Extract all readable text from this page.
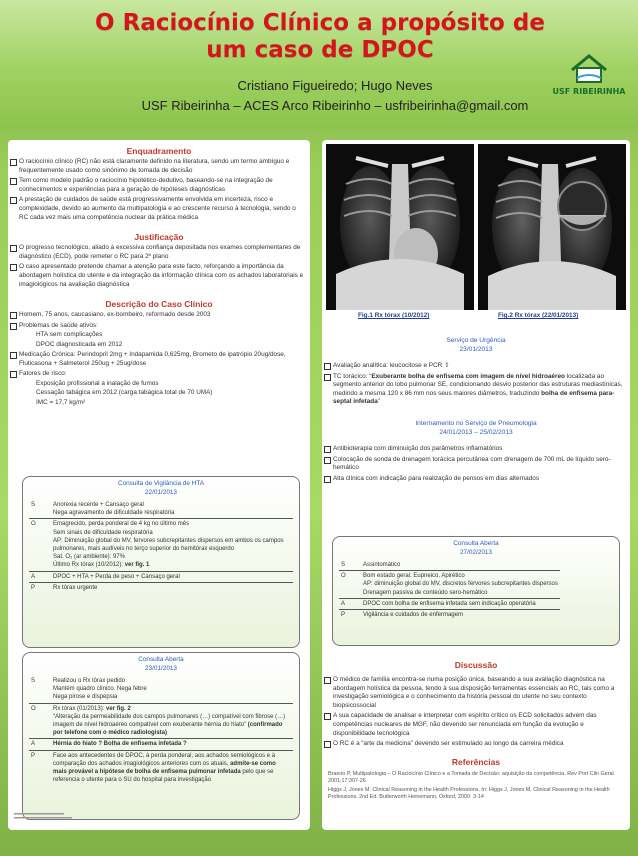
O Raciocínio Clínico a propósito de
um caso de DPOC
Cristiano Figueiredo; Hugo Neves
USF Ribeirinha – ACES Arco Ribeirinho – usfribeirinha@gmail.com
USF RIBEIRINHA
Enquadramento
O raciocínio clínico (RC) não está claramente definido na literatura, sendo um termo ambíguo e frequentemente usado como sinónimo de tomada de decisão
Tem como modelo padrão o raciocínio hipotético-dedutivo, baseando-se na integração de conhecimentos e experiências para a geração de hipóteses diagnósticas
A prestação de cuidados de saúde está progressivamente envolvida em incerteza, risco e complexidade, devido ao aumento da multipatologia e ao crescente recurso à tecnologia, sendo o RC cada vez mais uma competência nuclear da prática médica
Justificação
O progresso tecnológico, aliado à excessiva confiança depositada nos exames complementares de diagnóstico (ECD), pode remeter o RC para 2º plano
O caso apresentado pretende chamar a atenção para este facto, reforçando a importância da abordagem holística do utente e da integração da informação clínica com os achados laboratoriais e imagiológicos na avaliação diagnóstica
Descrição do Caso Clínico
Homem, 75 anos, caucasiano, ex-bombeiro, reformado desde 2003
Problemas de saúde ativos:
HTA sem complicações
DPOC diagnosticada em 2012
Medicação Crónica: Perindopril 2mg + Indapamida 0,625mg, Brometo de ipatrópio 20ug/dose, Fluticasona + Salmeterol 250ug + 25ug/dose
Fatores de risco:
Exposição profissional a inalação de fumos
Cessação tabágica em 2012 (carga tabágica total de 70 UMA)
IMC = 17,7 kg/m²
Consulta de Vigilância de HTA
22/01/2013
S	Anorexia recente + Cansaço geral
Nega agravamento de dificuldade respiratória

O	Emagrecido, perda ponderal de 4 kg no último mês
Sem sinais de dificuldade respiratória
AP: Diminuição global do MV, fervores subcrepitantes dispersos em ambos os campos pulmonares, mais audíveis no terço superior do hemitórax esquerdo
Sat. O₂ (ar ambiente): 97%
Último Rx tórax (10/2012): ver fig. 1

A	DPOC + HTA + Perda de peso + Cansaço geral
P	Rx tórax urgente
Consulta Aberta
23/01/2013
S	Realizou o Rx tórax pedido
Mantém quadro clínico. Nega febre
Nega pirose e dispepsia

O	Rx tórax (01/2013): ver fig. 2
“Alteração da permeabilidade dos campos pulmonares (…) compatível com fibrose (…) imagem de nível hidroaéreo compatível com exuberante hérnia do hiato” (confirmado por telefone com o médico radiologista)

A	Hérnia do hiato ? Bolha de enfisema infetada ?
P	Face aos antecedentes de DPOC, à perda ponderal, aos achados semiológicos e à comparação dos achados imagiológicos anteriores com os atuais, admite-se como mais provável a hipótese de bolha de enfisema pulmonar infetada pelo que se referencia o utente para o SU do hospital para investigação
Fig.1 Rx tórax (10/2012)	Fig.2 Rx tórax (22/01/2013)
Serviço de Urgência
23/01/2013
Avaliação analítica: leucocitose e PCR ⇧
TC torácico: “Exuberante bolha de enfisema com imagem de nível hidroaéreo localizada ao segmento anterior do lobo pulmonar SE, condicionando desvio posterior das estruturas mediastínicas, medindo a mesma 120 x 86 mm nos seus maiores diâmetros, traduzindo bolha de enfisema para-septal infetada”
Internamento no Serviço de Pneumologia
24/01/2013 – 25/02/2013
Antibioterapia com diminuição dos parâmetros inflamatórios
Colocação de sonda de drenagem torácica percutânea com drenagem de 700 mL de líquido sero-hemático
Alta clínica com indicação para realização de pensos em dias alternados
Consulta Aberta
27/02/2013
S	Assintomático
O	Bom estado geral. Eupneico. Apirético
AP: diminuição global do MV, discretos fervores subcrepitantes dispersos
Drenagem passiva de conteúdo sero-hemático

A	DPOC com bolha de enfisema infetada sem indicação operatória
P	Vigilância e cuidados de enfermagem
Discussão
O médico de família encontra-se numa posição única, baseando a sua avaliação diagnóstica na abordagem holística da pessoa, tendo à sua disposição ferramentas essenciais ao RC, tais como a investigação semiológica e o conhecimento da história pessoal do utente no seu contexto biopsicossocial
A sua capacidade de analisar e interpretar com espírito crítico os ECD solicitados advém das competências nucleares de MGF, não devendo ser renunciada em função da evolução e disponibilidade tecnológica
O RC é a “arte da medicina” devendo ser estimulado ao longo da carreira médica
Referências
Braeiro P, Multipatologia – O Raciocínio Clínico e a Tomada de Decisão: aquisição da competência. Rev Port Clin Geral 2001;17:307-26
Higgs J, Jones M. Clinical Reasoning in the Health Professions. In: Higgs J, Jones M. Clinical Reasoning in the Health Professions. 2nd Ed. Butterworth Heinemann, Oxford, 2000: 3-14
